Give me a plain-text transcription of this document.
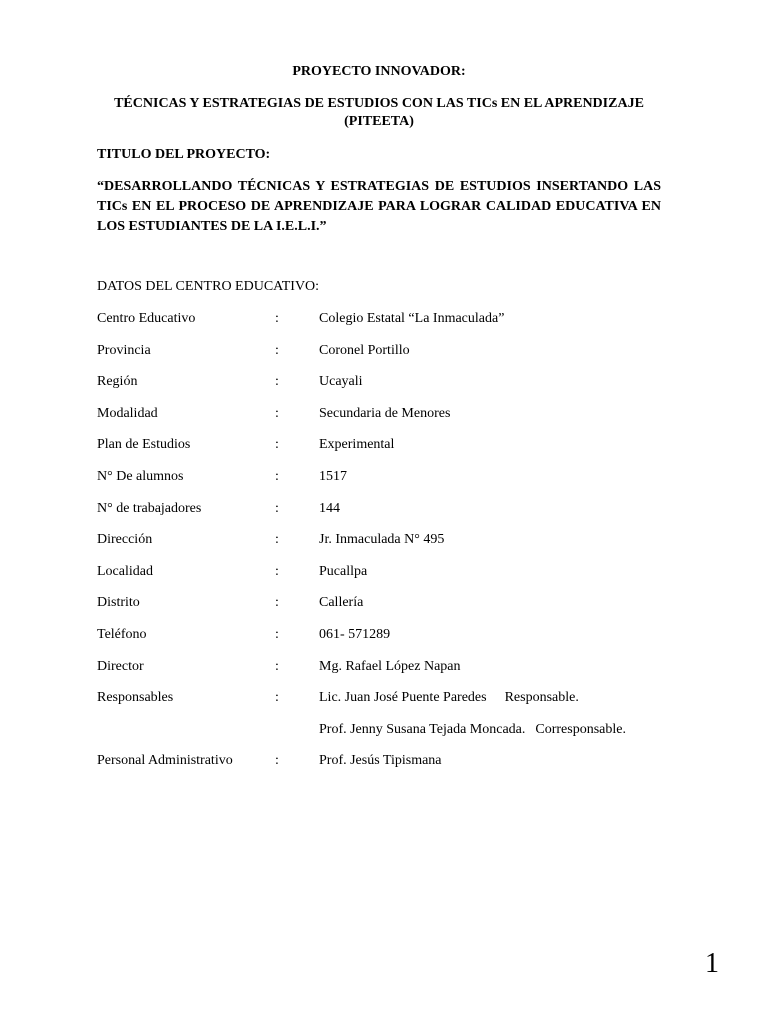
PROYECTO INNOVADOR:
TÉCNICAS Y ESTRATEGIAS DE ESTUDIOS CON LAS TICs EN EL APRENDIZAJE (PITEETA)
TITULO DEL PROYECTO:
“DESARROLLANDO TÉCNICAS Y ESTRATEGIAS DE ESTUDIOS INSERTANDO LAS TICs EN EL PROCESO DE APRENDIZAJE PARA LOGRAR CALIDAD EDUCATIVA EN LOS ESTUDIANTES DE LA I.E.L.I.”
DATOS DEL CENTRO EDUCATIVO:
Centro Educativo	:	Colegio Estatal “La Inmaculada”
Provincia	:	Coronel Portillo
Región	:	Ucayali
Modalidad	:	Secundaria de Menores
Plan de Estudios	:	Experimental
N° De alumnos	:	1517
N° de trabajadores	:	144
Dirección	:	Jr. Inmaculada N° 495
Localidad	:	Pucallpa
Distrito	:	Callería
Teléfono	:	061- 571289
Director	:	Mg. Rafael López Napan
Responsables	:	Lic. Juan José Puente Paredes Responsable.
Prof. Jenny Susana Tejada Moncada. Corresponsable.
Personal Administrativo	:	Prof. Jesús Tipismana
1
